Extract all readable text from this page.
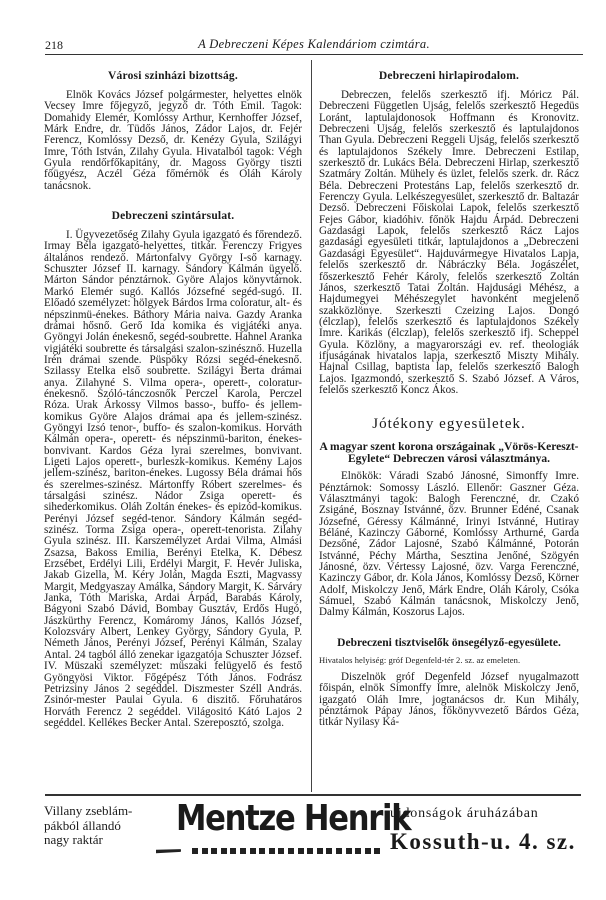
218	A Debreczeni Képes Kalendáriom czimtára.
Városi szinházi bizottság.

Elnök Kovács József polgármester, helyettes elnök Vecsey Imre főjegyző, jegyző dr. Tóth Emil. Tagok: Domahidy Elemér, Komlóssy Arthur, Kernhoffer József, Márk Endre, dr. Tüdős János, Zádor Lajos, dr. Fejér Ferencz, Komlóssy Dezső, dr. Kenézy Gyula, Szilágyi Imre, Tóth István, Zilahy Gyula. Hivatalból tagok: Végh Gyula rendőrfőkapitány, dr. Magoss György tiszti főügyész, Aczél Géza főmérnök és Oláh Károly tanácsnok.

Debreczeni szintársulat.

I. Ügyvezetőség Zilahy Gyula igazgató és főrendező. Irmay Béla igazgató-helyettes, titkár. Ferenczy Frigyes általános rendező. Mártonfalvy György I-ső karnagy. Schuszter József II. karnagy. Sándory Kálmán ügyelő. Márton Sándor pénztárnok. Györe Alajos könyvtárnok. Markó Elemér sugó. Kallós Józsefné segéd-sugó. II. Előadó személyzet: hölgyek Bárdos Irma coloratur, alt- és népszinmü-énekes. Báthory Mária naiva. Gazdy Aranka drámai hősnő. Gerő Ida komika és vigjátéki anya. Gyöngyi Jolán énekesnő, segéd-soubrette. Hahnel Aranka vigjátéki soubrette és társalgási szalon-szinésznő. Huzella Irén drámai szende. Püspöky Rózsi segéd-énekesnő. Szilassy Etelka első soubrette. Szilágyi Berta drámai anya. Zilahyné S. Vilma opera-, operett-, coloratur-énekesnő. Szóló-tánczosnők Perczel Karola, Perczel Róza. Urak Árkossy Vilmos basso-, buffo- és jellem-komikus Györe Alajos drámai apa és jellem-szinész. Gyöngyi Izsó tenor-, buffo- és szalon-komikus. Horváth Kálmán opera-, operett- és népszinmü-bariton, énekes-bonvivant. Kardos Géza lyrai szerelmes, bonvivant. Ligeti Lajos operett-, burleszk-komikus. Kemény Lajos jellem-szinész, bariton-énekes. Lugossy Béla drámai hős és szerelmes-szinész. Mártonffy Róbert szerelmes- és társalgási szinész. Nádor Zsiga operett- és sihederkomikus. Oláh Zoltán énekes- és epizód-komikus. Perényi József segéd-tenor. Sándory Kálmán segéd-szinész. Torma Zsiga opera-, operett-tenorista. Zilahy Gyula szinész. III. Karszemélyzet Ardai Vilma, Almási Zsazsa, Bakoss Emilia, Berényi Etelka, K. Débesz Erzsébet, Erdélyi Lili, Erdélyi Margit, F. Hevér Juliska, Jakab Gizella, M. Kéry Jolán, Magda Eszti, Magvassy Margit, Medgyaszay Amálka, Sándory Margit, K. Sárváry Janka, Tóth Mariska, Ardai Árpád, Barabás Károly, Bágyoni Szabó Dávid, Bombay Gusztáv, Erdős Hugó, Jászkürthy Ferencz, Komáromy János, Kallós József, Kolozsváry Albert, Lenkey György, Sándory Gyula, P. Németh János, Perényi József, Perényi Kálmán, Szalay Antal. 24 tagból álló zenekar igazgatója Schuszter József. IV. Müszaki személyzet: müszaki felügyelő és festő Gyöngyösi Viktor. Főgépész Tóth János. Fodrász Petrizsiny János 2 segéddel. Diszmester Széll András. Zsinór-mester Paulai Gyula. 6 diszitő. Főruhatáros Horváth Ferencz 2 segéddel. Világositó Kátó Lajos 2 segéddel. Kellékes Becker Antal. Szereposztó, szolga.

Debreczeni hirlapirodalom.

Debreczen, felelős szerkesztő ifj. Móricz Pál. Debreczeni Független Ujság, felelős szerkesztő Hegedüs Loránt, laptulajdonosok Hoffmann és Kronovitz. Debreczeni Ujság, felelős szerkesztő és laptulajdonos Than Gyula. Debreczeni Reggeli Ujság, felelős szerkesztő és laptulajdonos Székely Imre. Debreczeni Estilap, szerkesztő dr. Lukács Béla. Debreczeni Hirlap, szerkesztő Szatmáry Zoltán. Mühely és üzlet, felelős szerk. dr. Rácz Béla. Debreczeni Protestáns Lap, felelős szerkesztő dr. Ferenczy Gyula. Lelkészegyesület, szerkesztő dr. Baltazár Dezső. Debreczeni Főiskolai Lapok, felelős szerkesztő Fejes Gábor, kiadóhiv. főnök Hajdu Árpád. Debreczeni Gazdasági Lapok, felelős szerkesztő Rácz Lajos gazdasági egyesületi titkár, laptulajdonos a „Debreczeni Gazdasági Egyesület“. Hajduvármegye Hivatalos Lapja, felelős szerkesztő dr. Nábráczky Béla. Jogászélet, főszerkesztő Fehér Károly, felelős szerkesztő Zoltán János, szerkesztő Tatai Zoltán. Hajdusági Méhész, a Hajdumegyei Méhészegylet havonként megjelenő szakközlönye. Szerkeszti Czeizing Lajos. Dongó (élczlap), felelős szerkesztő és laptulajdonos Székely Imre. Karikás (élczlap), felelős szerkesztő ifj. Scheppel Gyula. Közlöny, a magyarországi ev. ref. theologiák ifjuságának hivatalos lapja, szerkesztő Miszty Mihály. Hajnal Csillag, baptista lap, felelős szerkesztő Balogh Lajos. Igazmondó, szerkesztő S. Szabó József. A Város, felelős szerkesztő Koncz Ákos.

Jótékony egyesületek.
A magyar szent korona országainak „Vörös-Kereszt-Egylete“ Debreczen városi választmánya.

Elnökök: Váradi Szabó Jánosné, Simonffy Imre. Pénztárnok: Somossy László. Ellenőr: Gaszner Géza. Választmányi tagok: Balogh Ferenczné, dr. Czakó Zsigáné, Bosznay Istvánné, özv. Brunner Edéné, Csanak Józsefné, Géressy Kálmánné, Irinyi Istvánné, Hutiray Béláné, Kazinczy Gáborné, Komlóssy Arthurné, Garda Dezsőné, Zádor Lajosné, Szabó Kálmánné, Potorán Istvánné, Péchy Mártha, Sesztina Jenőné, Szögyén Jánosné, özv. Vértessy Lajosné, özv. Varga Ferenczné, Kazinczy Gábor, dr. Kola János, Komlóssy Dezső, Körner Adolf, Miskolczy Jenő, Márk Endre, Oláh Károly, Csóka Sámuel, Szabó Kálmán tanácsnok, Miskolczy Jenő, Dalmy Kálmán, Koszorus Lajos.

Debreczeni tisztviselők önsegélyző-egyesülete.

Hivatalos helyiség: gróf Degenfeld-tér 2. sz. az emeleten.

Diszelnök gróf Degenfeld József nyugalmazott főispán, elnök Simonffy Imre, alelnök Miskolczy Jenő, igazgató Oláh Imre, jogtanácsos dr. Kun Mihály, pénztárnok Pápay János, főkönyvvezető Bárdos Géza, titkár Nyilasy Ká-

Villany zseblám-
pákból állandó
nagy raktár
Mentze Henrik
ujdonságok áruházában
Kossuth-u. 4. sz.
